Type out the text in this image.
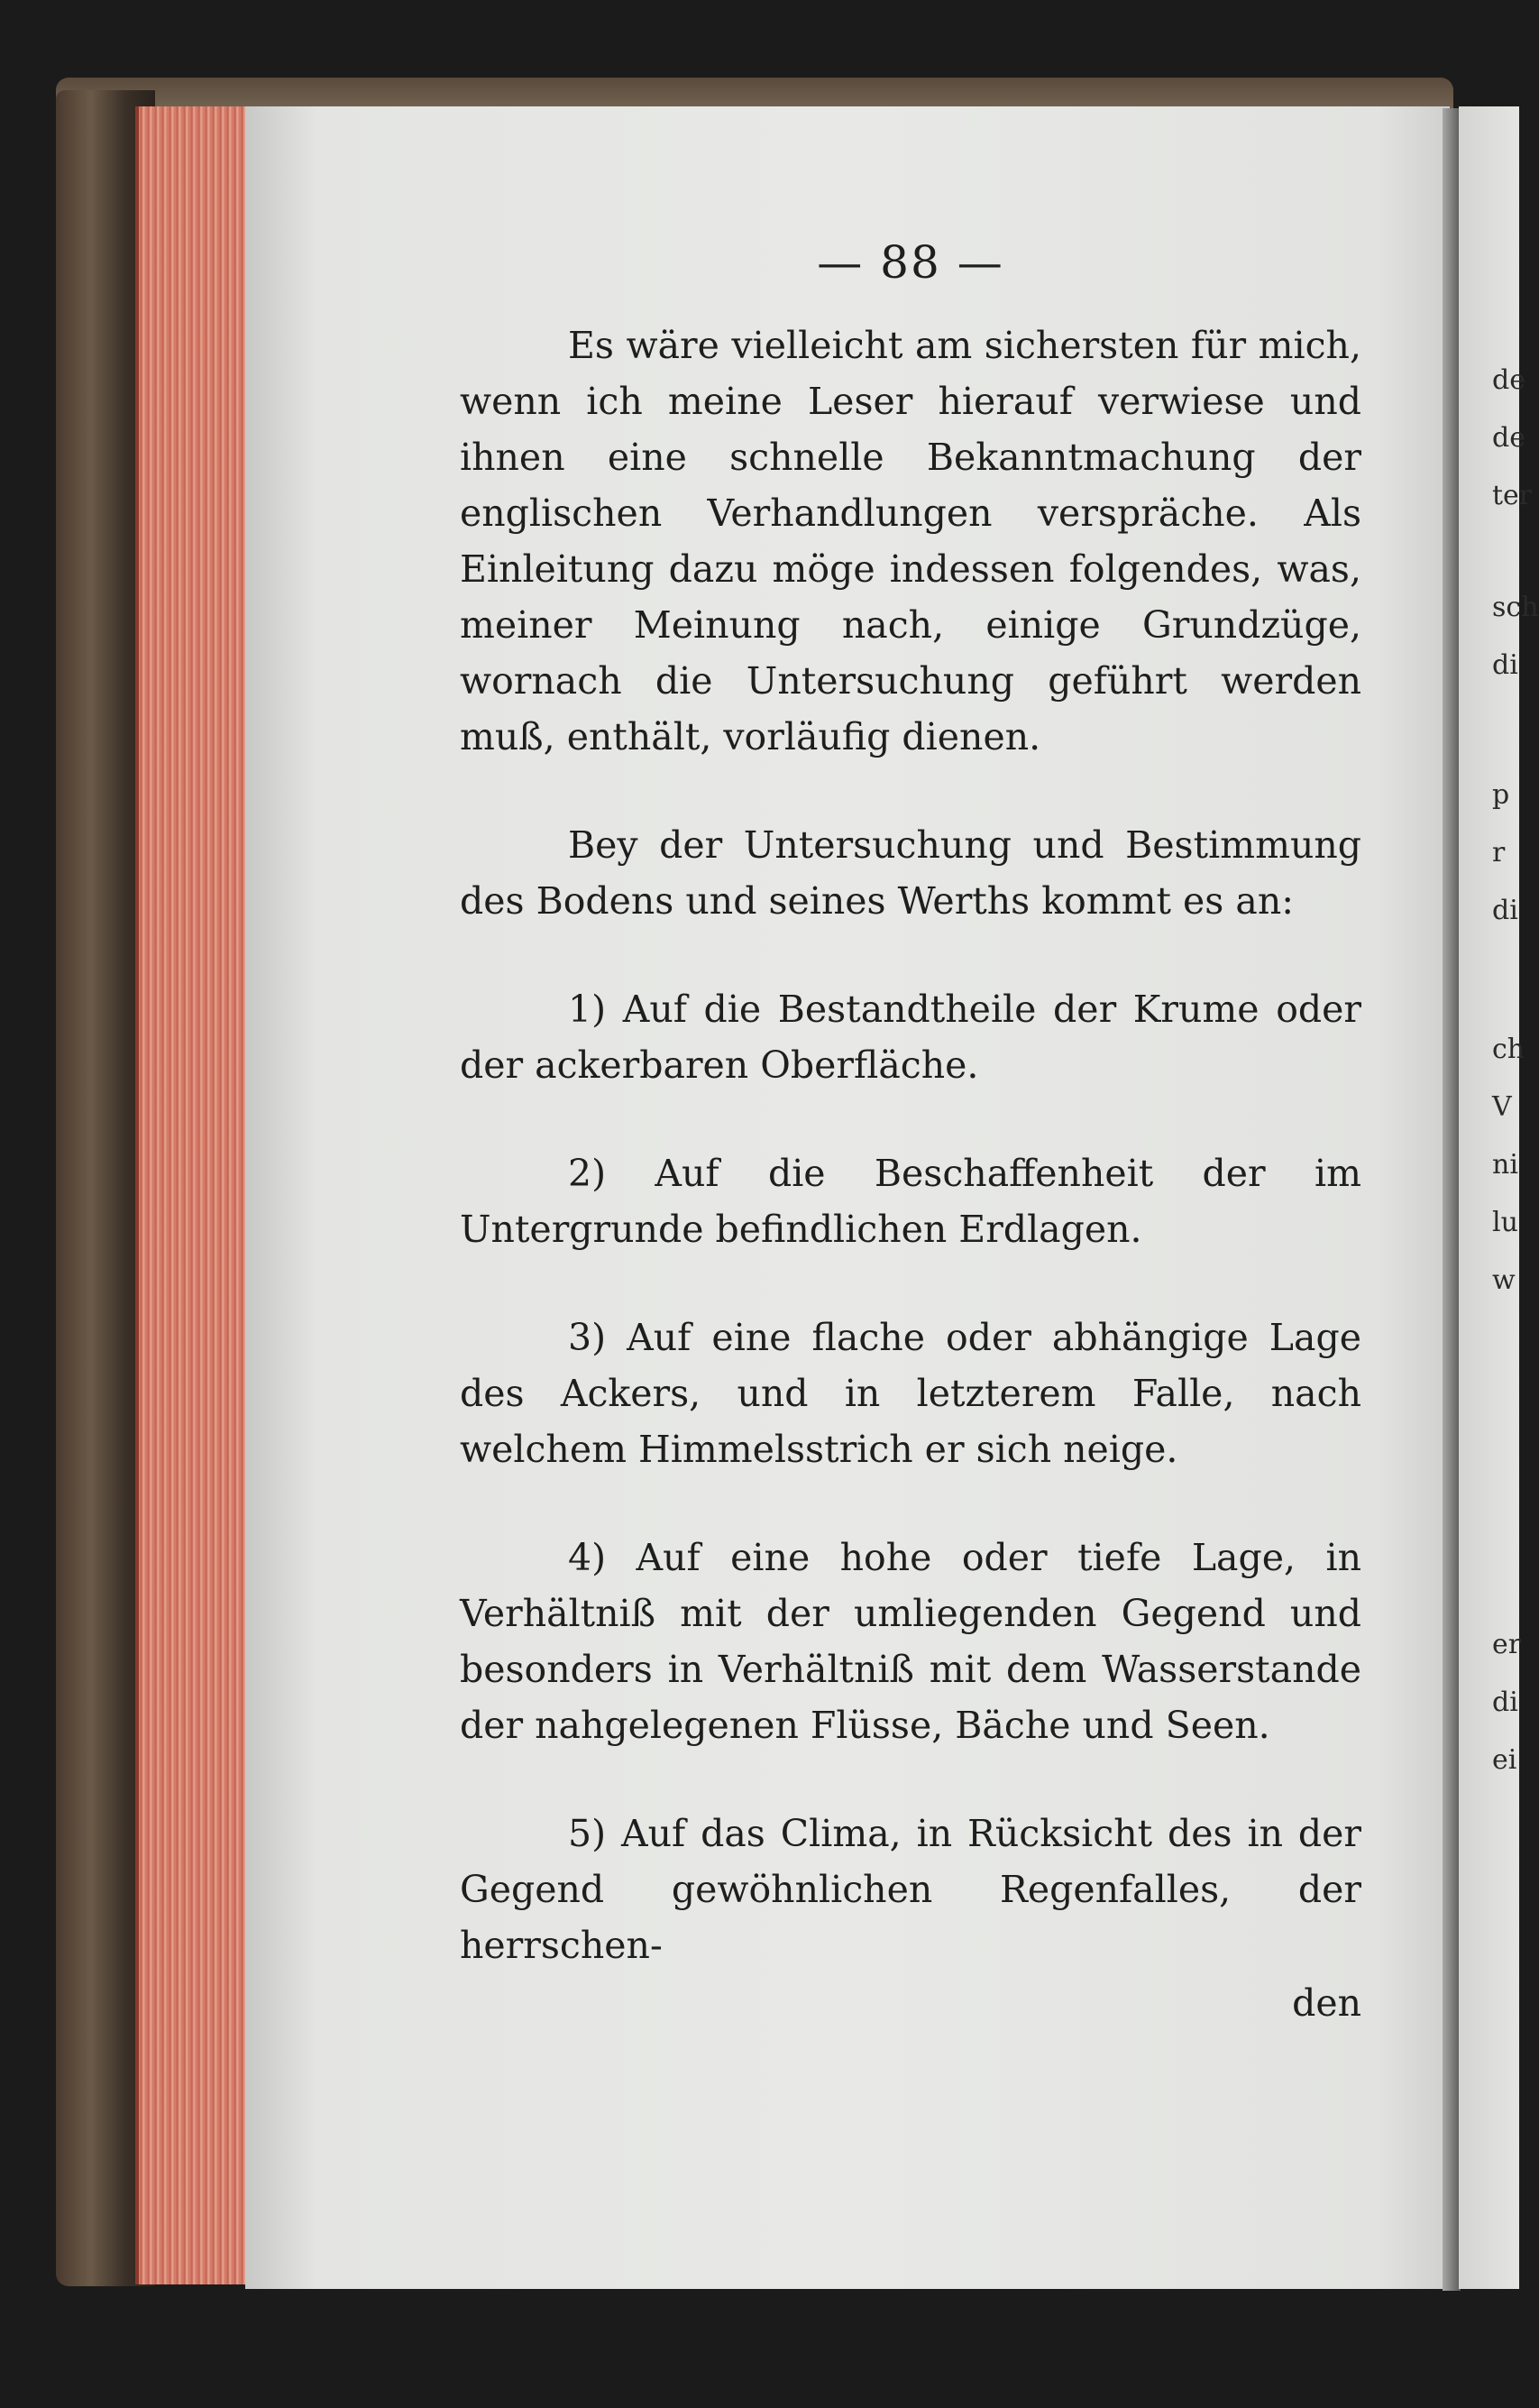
— 88 —

Es wäre vielleicht am sichersten für mich, wenn ich meine Leser hierauf verwiese und ihnen eine schnelle Bekanntmachung der englischen Verhandlungen verspräche. Als Einleitung dazu möge indessen folgendes, was, meiner Meinung nach, einige Grundzüge, wornach die Untersuchung geführt werden muß, enthält, vorläufig dienen.

Bey der Untersuchung und Bestimmung des Bodens und seines Werths kommt es an:

1) Auf die Bestandtheile der Krume oder der ackerbaren Oberfläche.

2) Auf die Beschaffenheit der im Untergrunde befindlichen Erdlagen.

3) Auf eine flache oder abhängige Lage des Ackers, und in letzterem Falle, nach welchem Himmelsstrich er sich neige.

4) Auf eine hohe oder tiefe Lage, in Verhältniß mit der umliegenden Gegend und besonders in Verhältniß mit dem Wasserstande der nahgelegenen Flüsse, Bäche und Seen.

5) Auf das Clima, in Rücksicht des in der Gegend gewöhnlichen Regenfalles, der herrschen-

den
de
de
ter
sch
di
p
r
di
ch
V
ni
lu
w
er
di
ei
